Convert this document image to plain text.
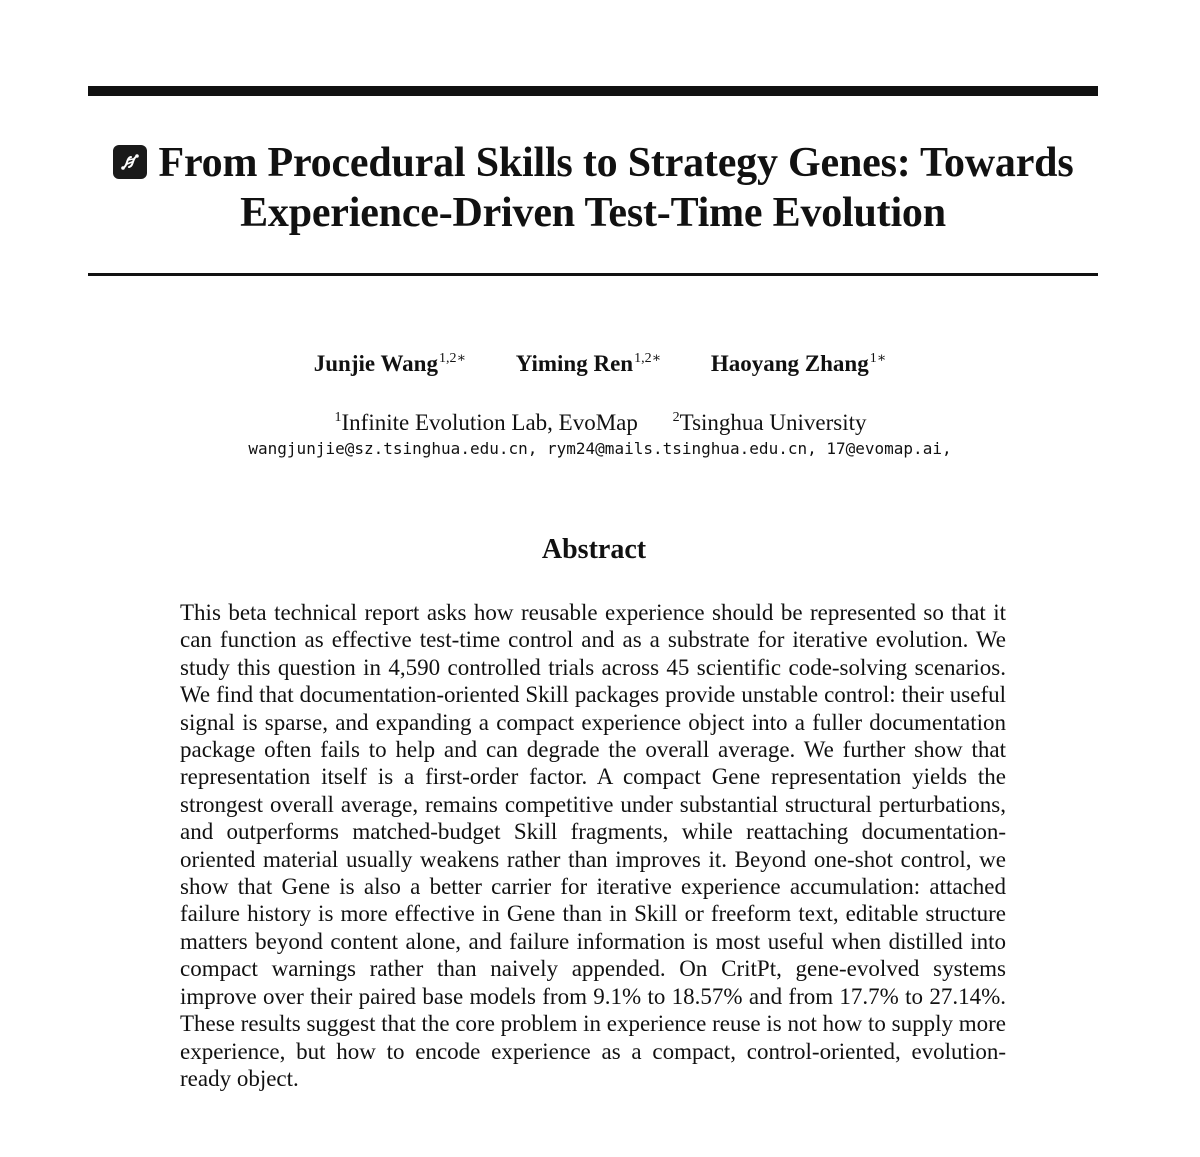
From Procedural Skills to Strategy Genes: Towards
Experience-Driven Test-Time Evolution
Junjie Wang$^{1,2∗}$ Yiming Ren$^{1,2∗}$ Haoyang Zhang$^{1∗}$
$^1$Infinite Evolution Lab, EvoMap $^2$Tsinghua University
wangjunjie@sz.tsinghua.edu.cn, rym24@mails.tsinghua.edu.cn, 17@evomap.ai,
Abstract

This beta technical report asks how reusable experience should be represented so that it can function as effective test-time control and as a substrate for iterative evolution. We study this question in 4,590 controlled trials across 45 scientific code-solving scenarios. We find that documentation-oriented Skill packages provide unstable control: their useful signal is sparse, and expanding a compact experience object into a fuller documentation package often fails to help and can degrade the overall average. We further show that representation itself is a first-order factor. A compact Gene representation yields the strongest overall average, remains competitive under substantial structural perturbations, and outperforms matched-budget Skill fragments, while reattaching documentation-oriented material usually weakens rather than improves it. Beyond one-shot control, we show that Gene is also a better carrier for iterative experience accumulation: attached failure history is more effective in Gene than in Skill or freeform text, editable structure matters beyond content alone, and failure information is most useful when distilled into compact warnings rather than naively appended. On CritPt, gene-evolved systems improve over their paired base models from 9.1% to 18.57% and from 17.7% to 27.14%. These results suggest that the core problem in experience reuse is not how to supply more experience, but how to encode experience as a compact, control-oriented, evolution-ready object.
